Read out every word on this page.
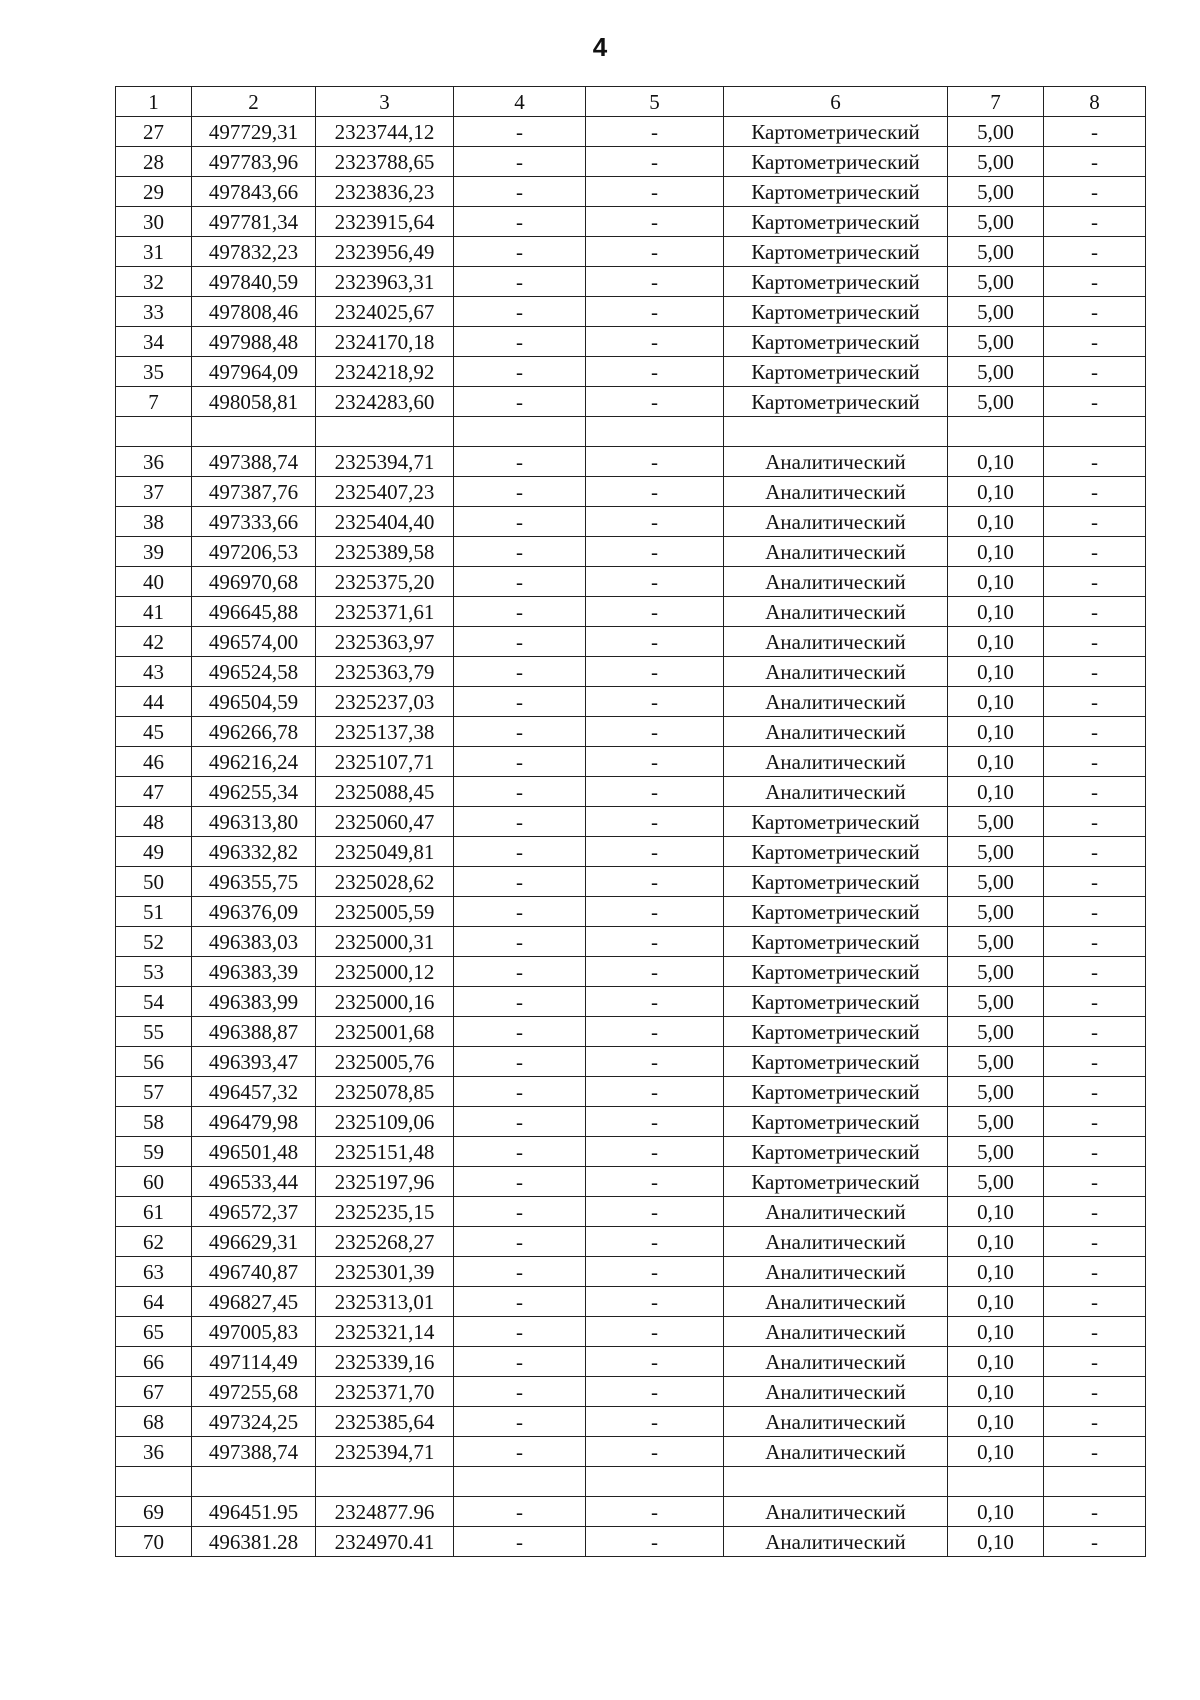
4
1	2	3	4	5	6	7	8
27	497729,31	2323744,12	-	-	Картометрический	5,00	-
28	497783,96	2323788,65	-	-	Картометрический	5,00	-
29	497843,66	2323836,23	-	-	Картометрический	5,00	-
30	497781,34	2323915,64	-	-	Картометрический	5,00	-
31	497832,23	2323956,49	-	-	Картометрический	5,00	-
32	497840,59	2323963,31	-	-	Картометрический	5,00	-
33	497808,46	2324025,67	-	-	Картометрический	5,00	-
34	497988,48	2324170,18	-	-	Картометрический	5,00	-
35	497964,09	2324218,92	-	-	Картометрический	5,00	-
7	498058,81	2324283,60	-	-	Картометрический	5,00	-

36	497388,74	2325394,71	-	-	Аналитический	0,10	-
37	497387,76	2325407,23	-	-	Аналитический	0,10	-
38	497333,66	2325404,40	-	-	Аналитический	0,10	-
39	497206,53	2325389,58	-	-	Аналитический	0,10	-
40	496970,68	2325375,20	-	-	Аналитический	0,10	-
41	496645,88	2325371,61	-	-	Аналитический	0,10	-
42	496574,00	2325363,97	-	-	Аналитический	0,10	-
43	496524,58	2325363,79	-	-	Аналитический	0,10	-
44	496504,59	2325237,03	-	-	Аналитический	0,10	-
45	496266,78	2325137,38	-	-	Аналитический	0,10	-
46	496216,24	2325107,71	-	-	Аналитический	0,10	-
47	496255,34	2325088,45	-	-	Аналитический	0,10	-
48	496313,80	2325060,47	-	-	Картометрический	5,00	-
49	496332,82	2325049,81	-	-	Картометрический	5,00	-
50	496355,75	2325028,62	-	-	Картометрический	5,00	-
51	496376,09	2325005,59	-	-	Картометрический	5,00	-
52	496383,03	2325000,31	-	-	Картометрический	5,00	-
53	496383,39	2325000,12	-	-	Картометрический	5,00	-
54	496383,99	2325000,16	-	-	Картометрический	5,00	-
55	496388,87	2325001,68	-	-	Картометрический	5,00	-
56	496393,47	2325005,76	-	-	Картометрический	5,00	-
57	496457,32	2325078,85	-	-	Картометрический	5,00	-
58	496479,98	2325109,06	-	-	Картометрический	5,00	-
59	496501,48	2325151,48	-	-	Картометрический	5,00	-
60	496533,44	2325197,96	-	-	Картометрический	5,00	-
61	496572,37	2325235,15	-	-	Аналитический	0,10	-
62	496629,31	2325268,27	-	-	Аналитический	0,10	-
63	496740,87	2325301,39	-	-	Аналитический	0,10	-
64	496827,45	2325313,01	-	-	Аналитический	0,10	-
65	497005,83	2325321,14	-	-	Аналитический	0,10	-
66	497114,49	2325339,16	-	-	Аналитический	0,10	-
67	497255,68	2325371,70	-	-	Аналитический	0,10	-
68	497324,25	2325385,64	-	-	Аналитический	0,10	-
36	497388,74	2325394,71	-	-	Аналитический	0,10	-

69	496451.95	2324877.96	-	-	Аналитический	0,10	-
70	496381.28	2324970.41	-	-	Аналитический	0,10	-
